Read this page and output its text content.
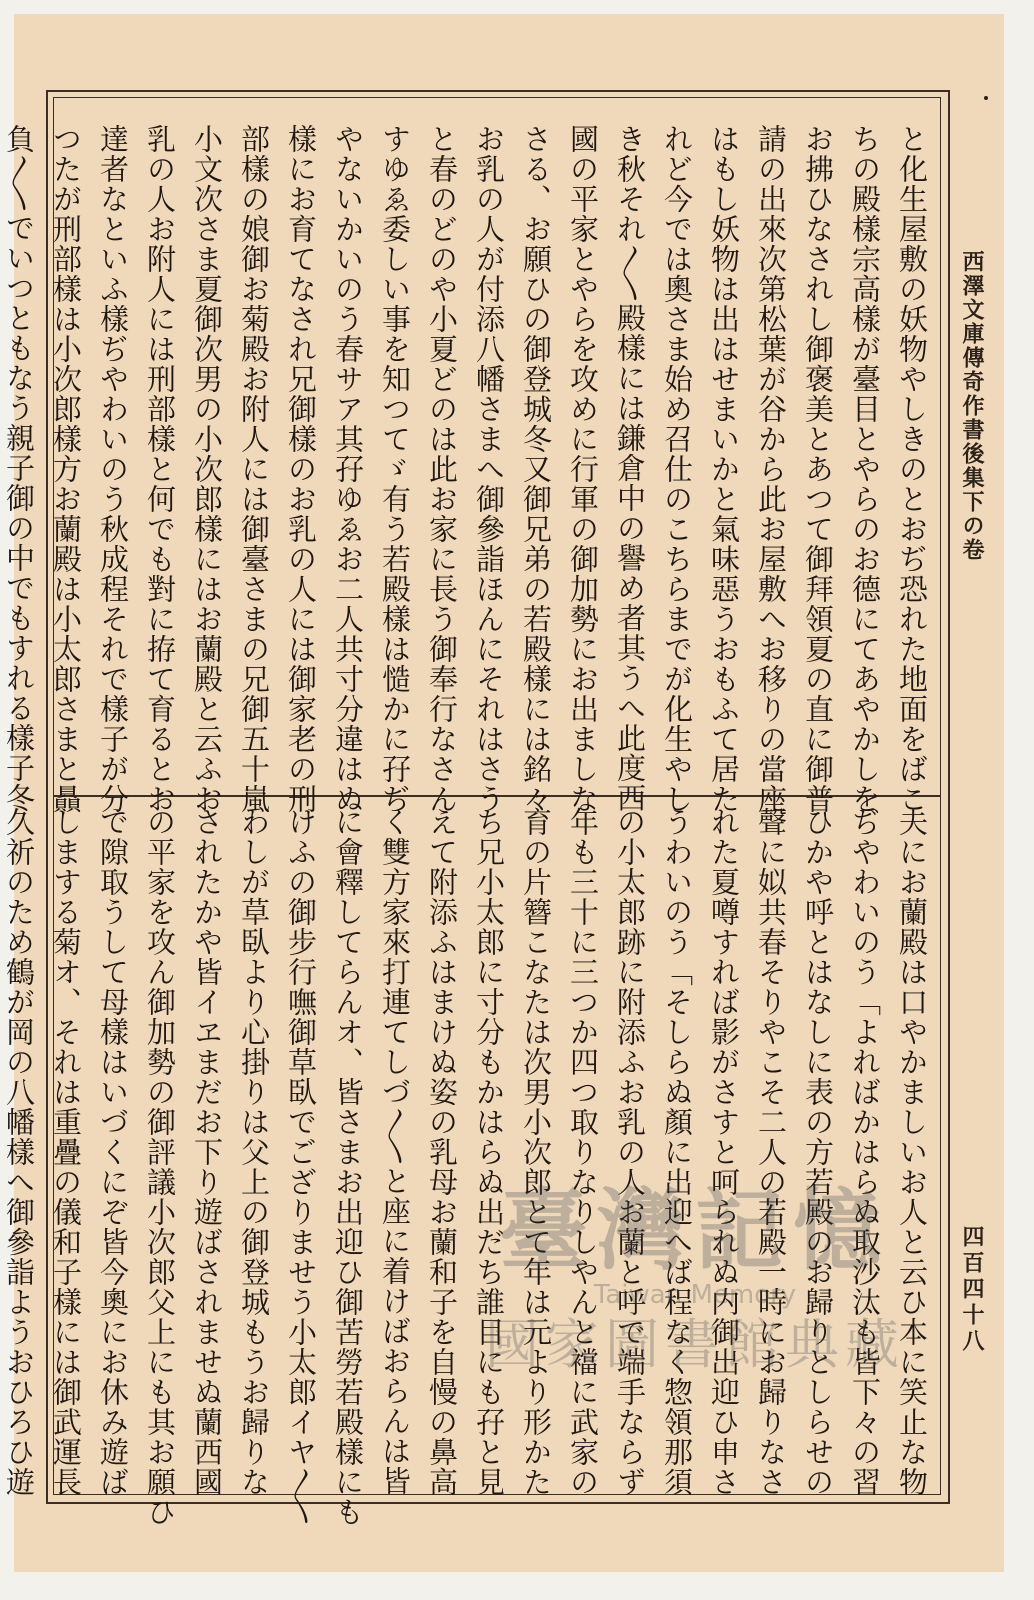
西澤文庫傳奇作書後集下の卷
四百四十八
と化生屋敷の妖物やしきのとおぢ恐れた地面をばこ
ちの殿樣宗高樣が臺目とやらのお德にてあやかしを
お拂ひなされし御褒美とあつて御拜領夏の直に御普
請の出來次第松葉が谷から此お屋敷へお移りの當座
はもし妖物は出はせまいかと氣味惡うおもふて居た
れど今では奧さま始め召仕のこちらまでが化生やし
き秋それ〳〵殿樣には鎌倉中の譽め者其うへ此度西
國の平家とやらを攻めに行軍の御加勢にお出ましな
さる、お願ひの御登城冬又御兄弟の若殿樣には銘々
お乳の人が付添八幡さまへ御參詣ほんにそれはさう
と春のどのや小夏どのは此お家に長う御奉行なさん
すゆゑ委しい事を知つてゞ有う若殿樣は慥かに孖ぢ
やないかいのう春サア其孖ゆゑお二人共寸分違はぬ
樣にお育てなされ兄御樣のお乳の人には御家老の刑
部樣の娘御お菊殿お附人には御臺さまの兄御五十嵐
小文次さま夏御次男の小次郎樣にはお蘭殿と云ふお
乳の人お附人には刑部樣と何でも對に拵て育るとお
達者なといふ樣ぢやわいのう秋成程それで樣子が分
つたが刑部樣は小次郎樣方お蘭殿は小太郎さまと贔
負〳〵でいつともなう親子御の中でもすれる樣子冬
夫にお蘭殿は口やかましいお人と云ひ本に笑止な物
ぢやわいのう「よればかはらぬ取沙汰も皆下々の習
ひかや呼とはなしに表の方若殿のお歸りとしらせの
聲に姒共春そりやこそ二人の若殿一時にお歸りなさ
れた夏噂すれば影がさすと呵られぬ内御出迎ひ申さ
うわいのう「そしらぬ顏に出迎へば程なく惣領那須
の小太郎跡に附添ふお乳の人お蘭と呼で端手ならず
年も三十に三つか四つ取りなりしやんと襠に武家の
育の片簪こなたは次男小次郎とて年は元より形かた
ち兄小太郎に寸分もかはらぬ出だち誰目にも孖と見
えて附添ふはまけぬ姿の乳母お蘭和子を自慢の鼻高
く雙方家來打連てしづ〳〵と座に着けばおらんは皆
に會釋してらんオ、皆さまお出迎ひ御苦勞若殿樣にも
けふの御步行嘸御草臥でござりませう小太郎イヤ〳〵
わしが草臥より心掛りは父上の御登城もうお歸りな
されたかや皆イヱまだお下り遊ばされませぬ蘭西國
の平家を攻ん御加勢の御評議小次郎父上にも其お願ひ
で隙取うして母樣はいづくにぞ皆今奧にお休み遊ば
しまする菊オ、それは重疊の儀和子樣には御武運長
久祈のため鶴が岡の八幡樣へ御參詣ようおひろひ遊	臺灣記憶
Taiwan Memory
國家圖書館典藏
